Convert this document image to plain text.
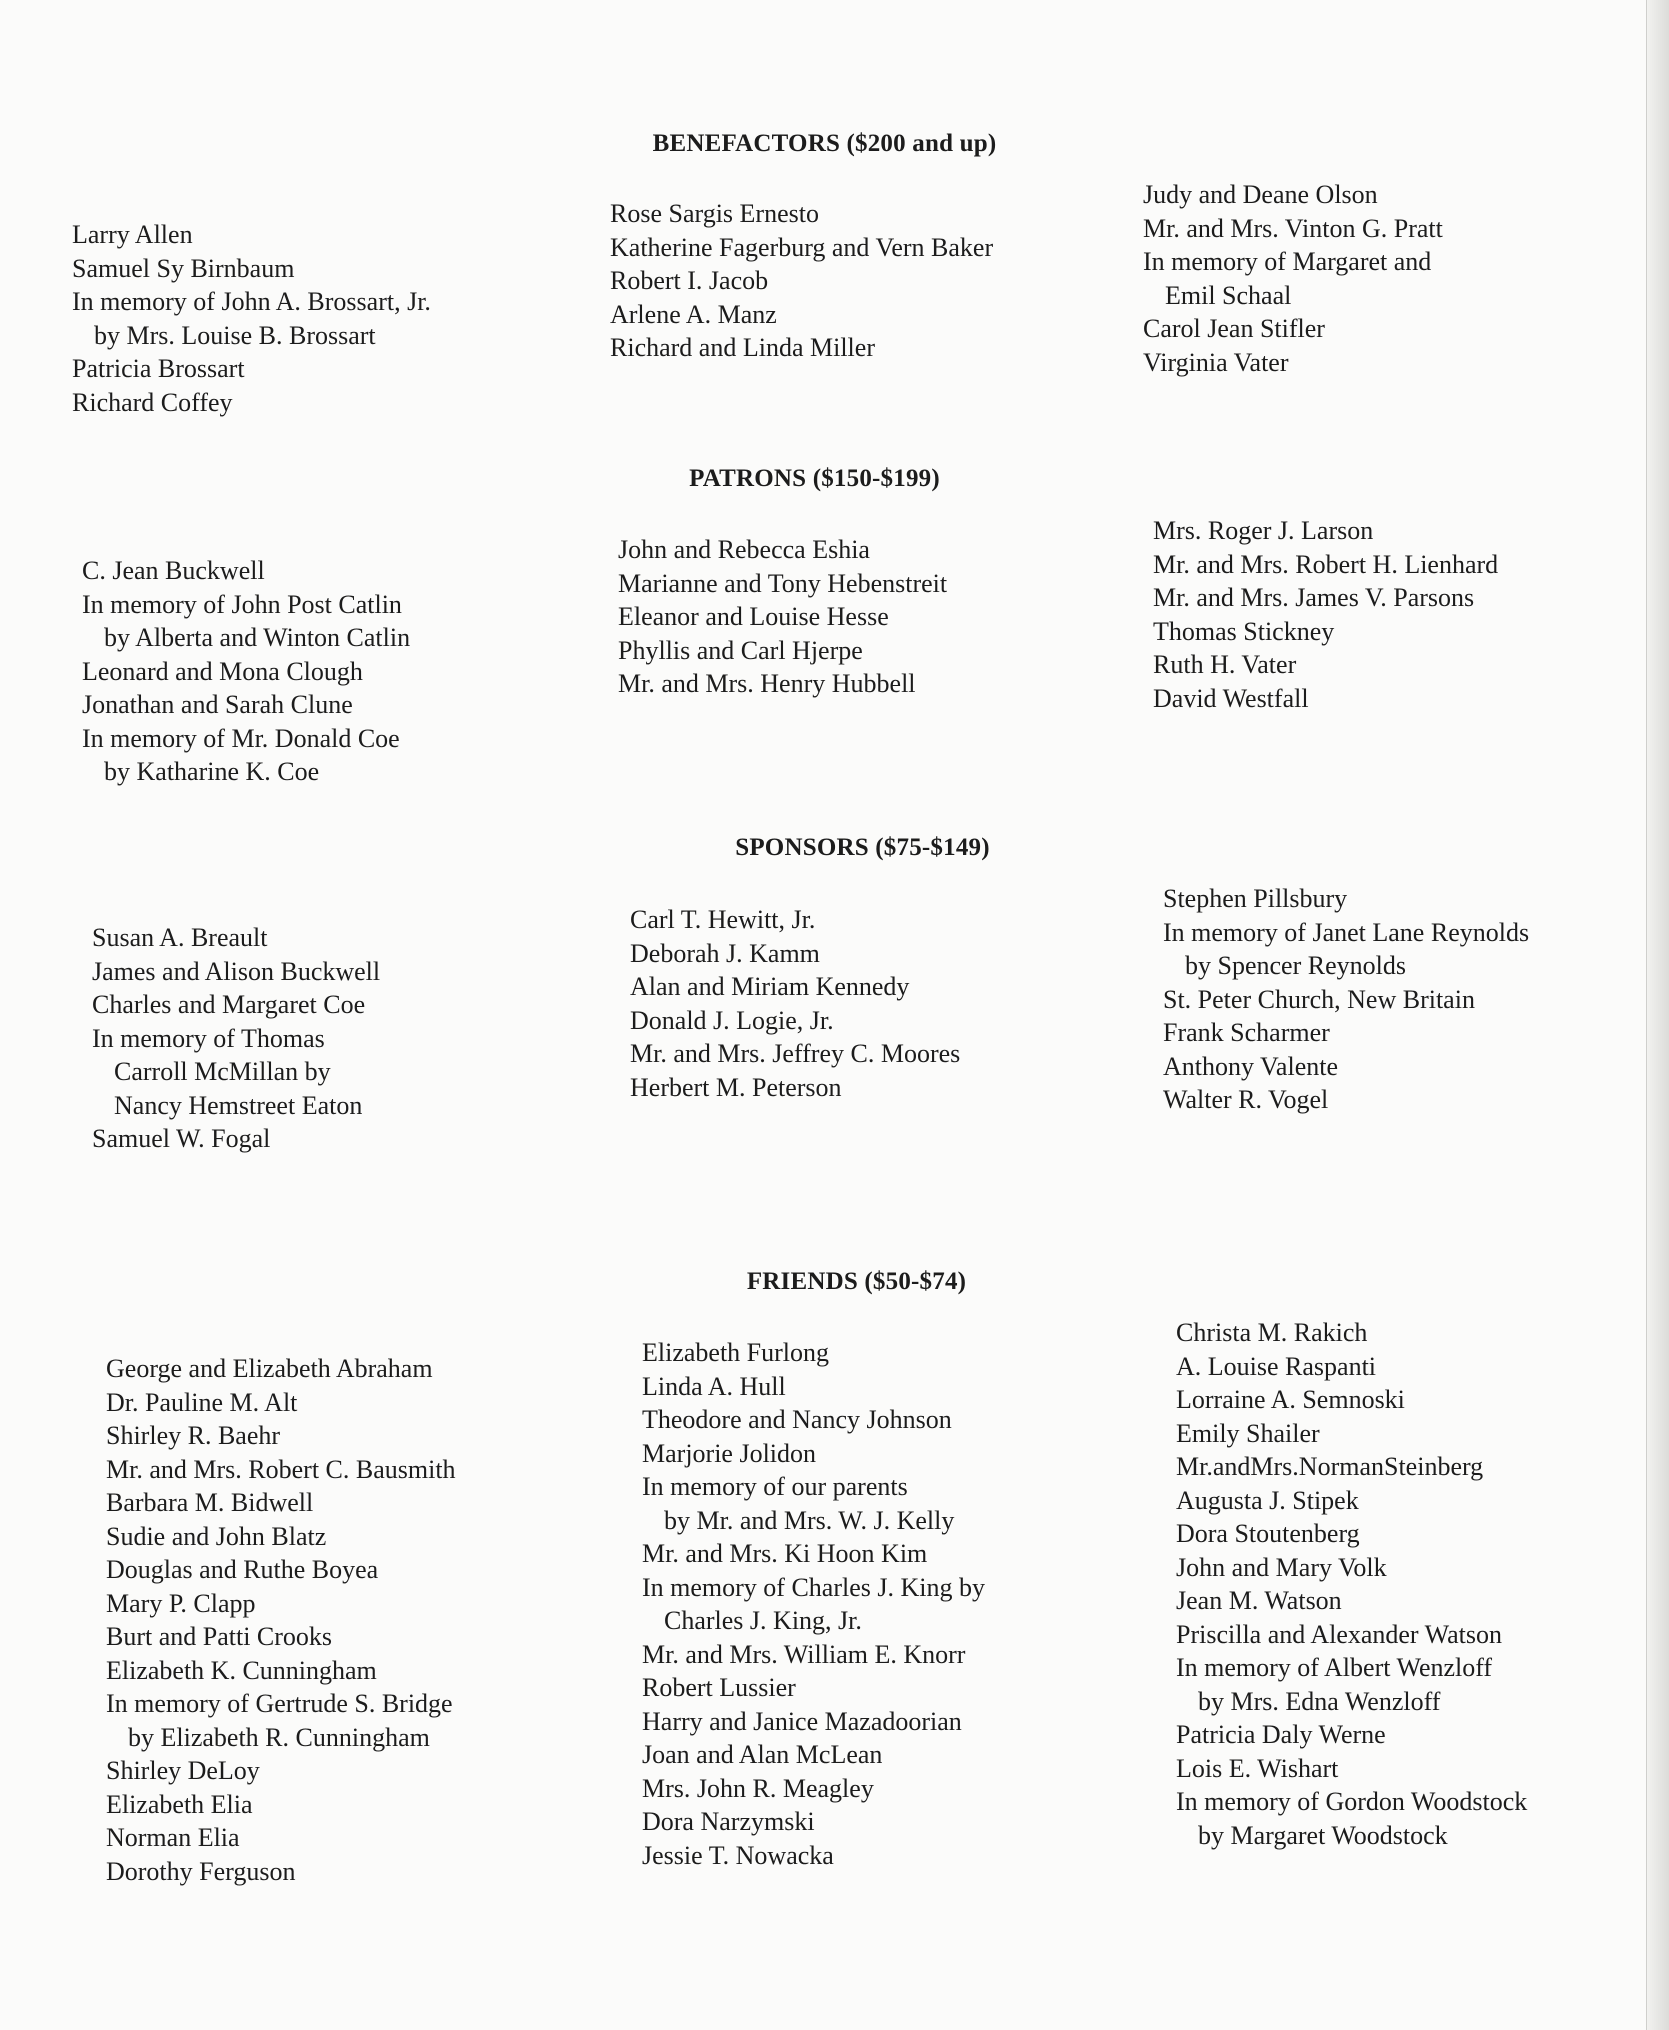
BENEFACTORS ($200 and up)
Larry Allen
Samuel Sy Birnbaum
In memory of John A. Brossart, Jr.
by Mrs. Louise B. Brossart
Patricia Brossart
Richard Coffey
Rose Sargis Ernesto
Katherine Fagerburg and Vern Baker
Robert I. Jacob
Arlene A. Manz
Richard and Linda Miller
Judy and Deane Olson
Mr. and Mrs. Vinton G. Pratt
In memory of Margaret and
Emil Schaal
Carol Jean Stifler
Virginia Vater
PATRONS ($150-$199)
C. Jean Buckwell
In memory of John Post Catlin
by Alberta and Winton Catlin
Leonard and Mona Clough
Jonathan and Sarah Clune
In memory of Mr. Donald Coe
by Katharine K. Coe
John and Rebecca Eshia
Marianne and Tony Hebenstreit
Eleanor and Louise Hesse
Phyllis and Carl Hjerpe
Mr. and Mrs. Henry Hubbell
Mrs. Roger J. Larson
Mr. and Mrs. Robert H. Lienhard
Mr. and Mrs. James V. Parsons
Thomas Stickney
Ruth H. Vater
David Westfall
SPONSORS ($75-$149)
Susan A. Breault
James and Alison Buckwell
Charles and Margaret Coe
In memory of Thomas
Carroll McMillan by
Nancy Hemstreet Eaton
Samuel W. Fogal
Carl T. Hewitt, Jr.
Deborah J. Kamm
Alan and Miriam Kennedy
Donald J. Logie, Jr.
Mr. and Mrs. Jeffrey C. Moores
Herbert M. Peterson
Stephen Pillsbury
In memory of Janet Lane Reynolds
by Spencer Reynolds
St. Peter Church, New Britain
Frank Scharmer
Anthony Valente
Walter R. Vogel
FRIENDS ($50-$74)
George and Elizabeth Abraham
Dr. Pauline M. Alt
Shirley R. Baehr
Mr. and Mrs. Robert C. Bausmith
Barbara M. Bidwell
Sudie and John Blatz
Douglas and Ruthe Boyea
Mary P. Clapp
Burt and Patti Crooks
Elizabeth K. Cunningham
In memory of Gertrude S. Bridge
by Elizabeth R. Cunningham
Shirley DeLoy
Elizabeth Elia
Norman Elia
Dorothy Ferguson
Elizabeth Furlong
Linda A. Hull
Theodore and Nancy Johnson
Marjorie Jolidon
In memory of our parents
by Mr. and Mrs. W. J. Kelly
Mr. and Mrs. Ki Hoon Kim
In memory of Charles J. King by
Charles J. King, Jr.
Mr. and Mrs. William E. Knorr
Robert Lussier
Harry and Janice Mazadoorian
Joan and Alan McLean
Mrs. John R. Meagley
Dora Narzymski
Jessie T. Nowacka
Christa M. Rakich
A. Louise Raspanti
Lorraine A. Semnoski
Emily Shailer
Mr.andMrs.NormanSteinberg
Augusta J. Stipek
Dora Stoutenberg
John and Mary Volk
Jean M. Watson
Priscilla and Alexander Watson
In memory of Albert Wenzloff
by Mrs. Edna Wenzloff
Patricia Daly Werne
Lois E. Wishart
In memory of Gordon Woodstock
by Margaret Woodstock
